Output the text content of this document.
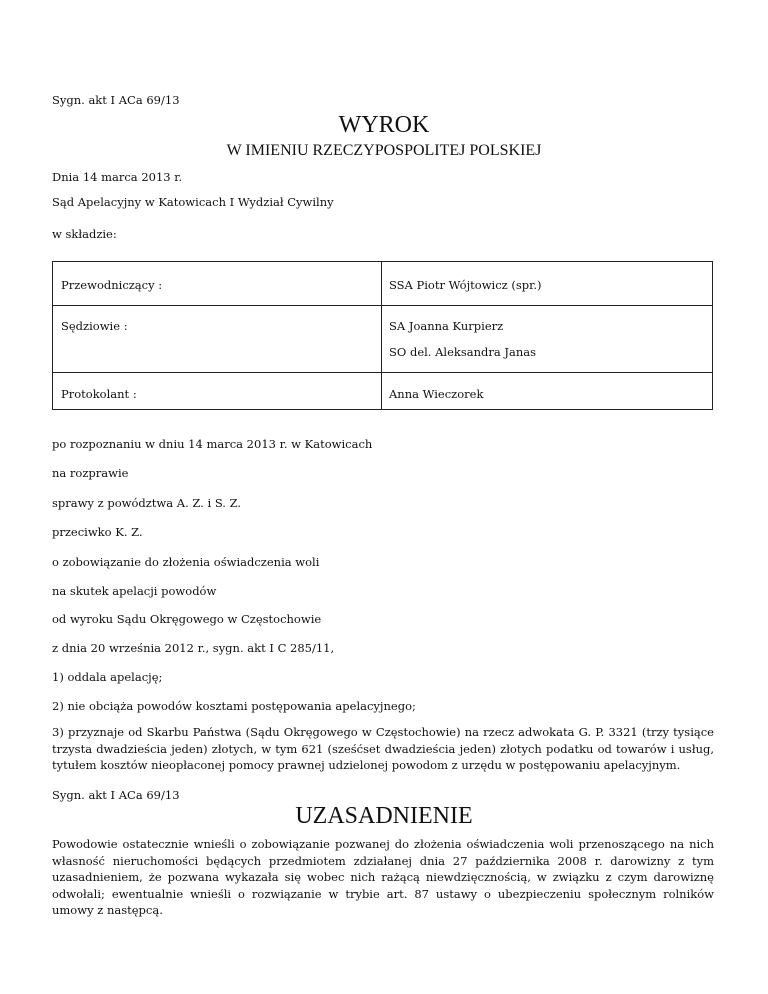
Sygn. akt I ACa 69/13
WYROK
W IMIENIU RZECZYPOSPOLITEJ POLSKIEJ
Dnia 14 marca 2013 r.
Sąd Apelacyjny w Katowicach I Wydział Cywilny
w składzie:
Przewodniczący :	SSA Piotr Wójtowicz (spr.)
Sędziowie :	SA Joanna Kurpierz
SO del. Aleksandra Janas
Protokolant :	Anna Wieczorek
po rozpoznaniu w dniu 14 marca 2013 r. w Katowicach
na rozprawie
sprawy z powództwa A. Z. i S. Z.
przeciwko K. Z.
o zobowiązanie do złożenia oświadczenia woli
na skutek apelacji powodów
od wyroku Sądu Okręgowego w Częstochowie
z dnia 20 września 2012 r., sygn. akt I C 285/11,
1) oddala apelację;
2) nie obciąża powodów kosztami postępowania apelacyjnego;
3) przyznaje od Skarbu Państwa (Sądu Okręgowego w Częstochowie) na rzecz adwokata G. P. 3321 (trzy tysiące trzysta dwadzieścia jeden) złotych, w tym 621 (sześćset dwadzieścia jeden) złotych podatku od towarów i usług, tytułem kosztów nieopłaconej pomocy prawnej udzielonej powodom z urzędu w postępowaniu apelacyjnym.
Sygn. akt I ACa 69/13
UZASADNIENIE
Powodowie ostatecznie wnieśli o zobowiązanie pozwanej do złożenia oświadczenia woli przenoszącego na nich własność nieruchomości będących przedmiotem zdziałanej dnia 27 października 2008 r. darowizny z tym uzasadnieniem, że pozwana wykazała się wobec nich rażącą niewdzięcznością, w związku z czym darowiznę odwołali; ewentualnie wnieśli o rozwiązanie w trybie art. 87 ustawy o ubezpieczeniu społecznym rolników umowy z następcą.
